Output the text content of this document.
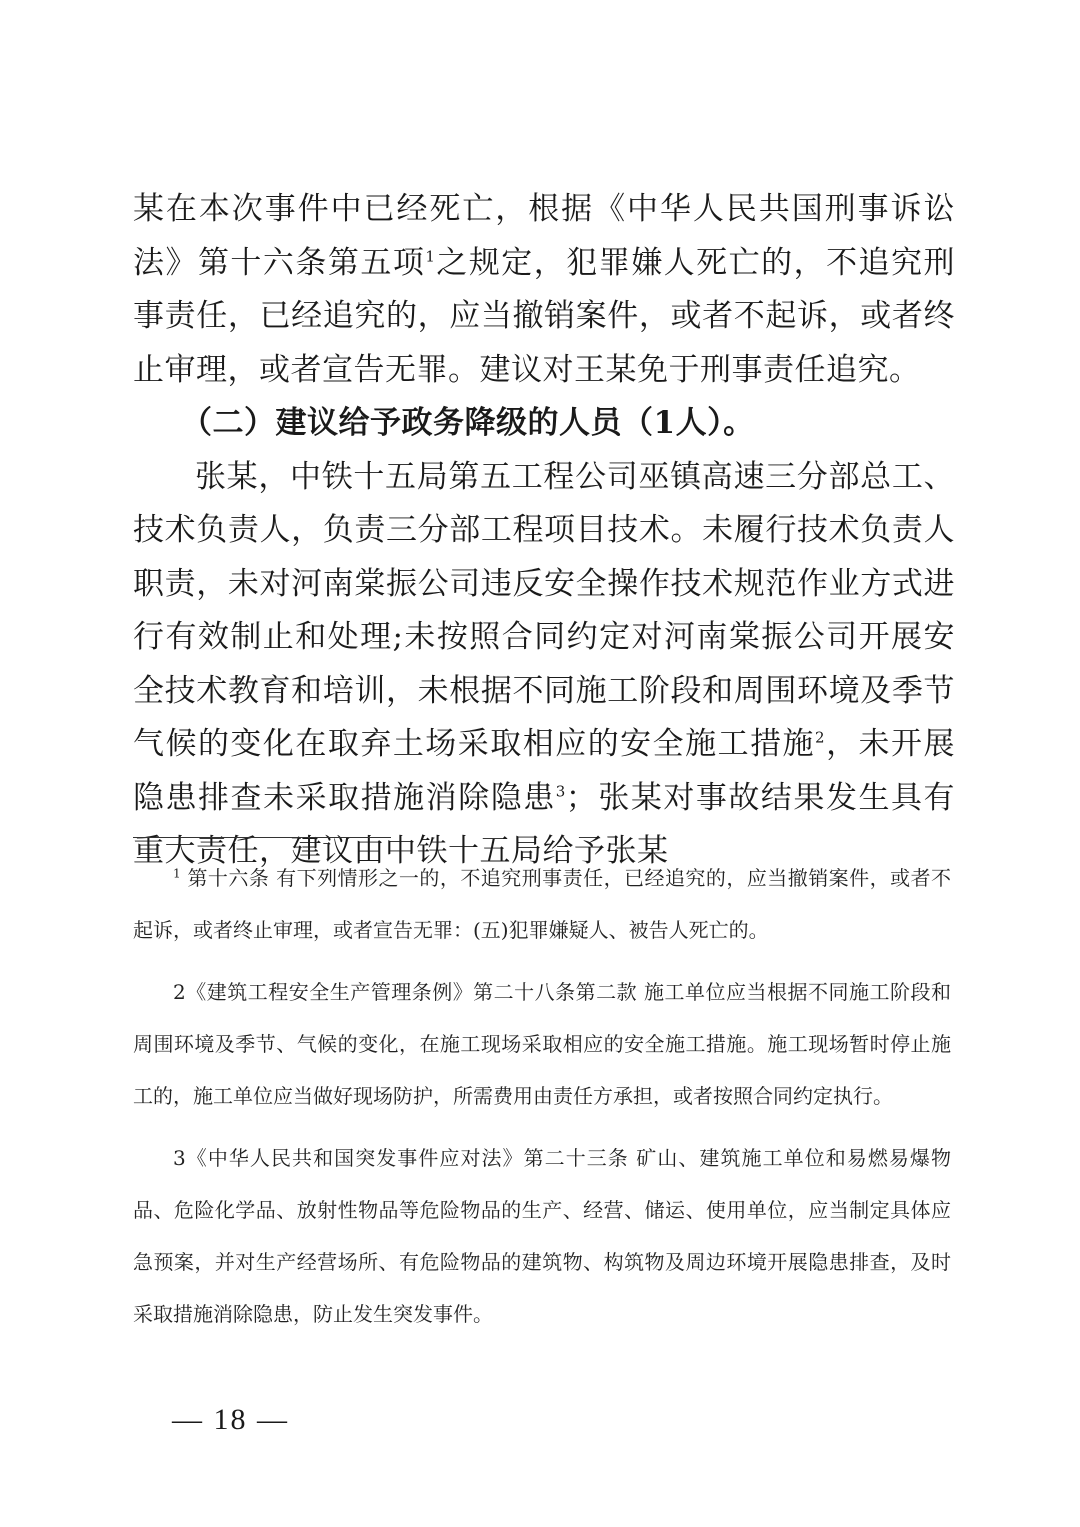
某在本次事件中已经死亡，根据《中华人民共国刑事诉讼法》第十六条第五项$^1$之规定，犯罪嫌人死亡的，不追究刑事责任，已经追究的，应当撤销案件，或者不起诉，或者终止审理，或者宣告无罪。建议对王某免于刑事责任追究。

（二）建议给予政务降级的人员（1人）。

张某，中铁十五局第五工程公司巫镇高速三分部总工、技术负责人，负责三分部工程项目技术。未履行技术负责人职责，未对河南棠振公司违反安全操作技术规范作业方式进行有效制止和处理;未按照合同约定对河南棠振公司开展安全技术教育和培训，未根据不同施工阶段和周围环境及季节气候的变化在取弃土场采取相应的安全施工措施$^2$，未开展隐患排查未采取措施消除隐患$^3$；张某对事故结果发生具有重大责任，建议由中铁十五局给予张某

$^1$ 第十六条 有下列情形之一的，不追究刑事责任，已经追究的，应当撤销案件，或者不起诉，或者终止审理，或者宣告无罪：(五)犯罪嫌疑人、被告人死亡的。

2《建筑工程安全生产管理条例》第二十八条第二款 施工单位应当根据不同施工阶段和周围环境及季节、气候的变化，在施工现场采取相应的安全施工措施。施工现场暂时停止施工的，施工单位应当做好现场防护，所需费用由责任方承担，或者按照合同约定执行。

3《中华人民共和国突发事件应对法》第二十三条 矿山、建筑施工单位和易燃易爆物品、危险化学品、放射性物品等危险物品的生产、经营、储运、使用单位，应当制定具体应急预案，并对生产经营场所、有危险物品的建筑物、构筑物及周边环境开展隐患排查，及时采取措施消除隐患，防止发生突发事件。

— 18 —
